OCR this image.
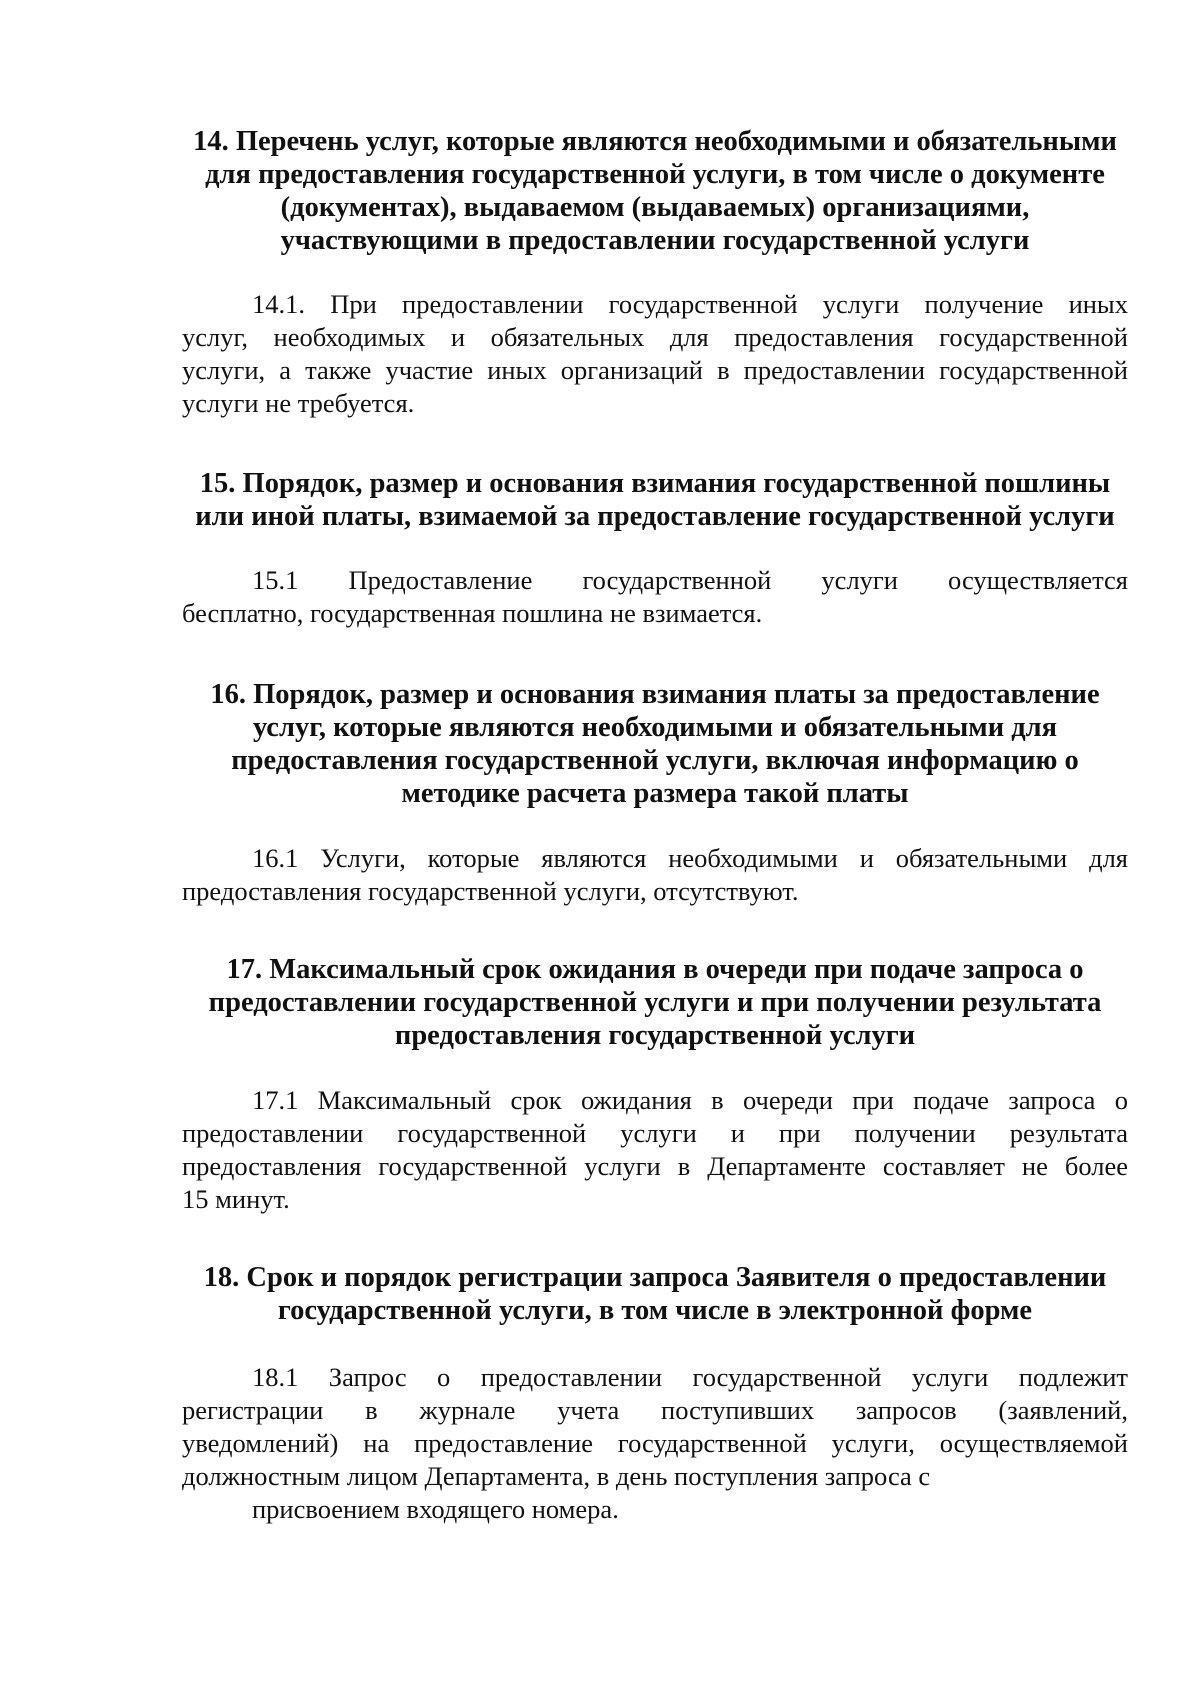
14. Перечень услуг, которые являются необходимыми и обязательными
для предоставления государственной услуги, в том числе о документе
(документах), выдаваемом (выдаваемых) организациями,
участвующими в предоставлении государственной услуги

14.1. При предоставлении государственной услуги получение иных
услуг, необходимых и обязательных для предоставления государственной
услуги, а также участие иных организаций в предоставлении государственной
услуги не требуется.

15. Порядок, размер и основания взимания государственной пошлины
или иной платы, взимаемой за предоставление государственной услуги

15.1 Предоставление государственной услуги осуществляется
бесплатно, государственная пошлина не взимается.

16. Порядок, размер и основания взимания платы за предоставление
услуг, которые являются необходимыми и обязательными для
предоставления государственной услуги, включая информацию о
методике расчета размера такой платы

16.1 Услуги, которые являются необходимыми и обязательными для
предоставления государственной услуги, отсутствуют.

17. Максимальный срок ожидания в очереди при подаче запроса о
предоставлении государственной услуги и при получении результата
предоставления государственной услуги

17.1 Максимальный срок ожидания в очереди при подаче запроса о
предоставлении государственной услуги и при получении результата
предоставления государственной услуги в Департаменте составляет не более
15 минут.

18. Срок и порядок регистрации запроса Заявителя о предоставлении
государственной услуги, в том числе в электронной форме

18.1 Запрос о предоставлении государственной услуги подлежит
регистрации в журнале учета поступивших запросов (заявлений,
уведомлений) на предоставление государственной услуги, осуществляемой
должностным лицом Департамента, в день поступления запроса с
присвоением входящего номера.
